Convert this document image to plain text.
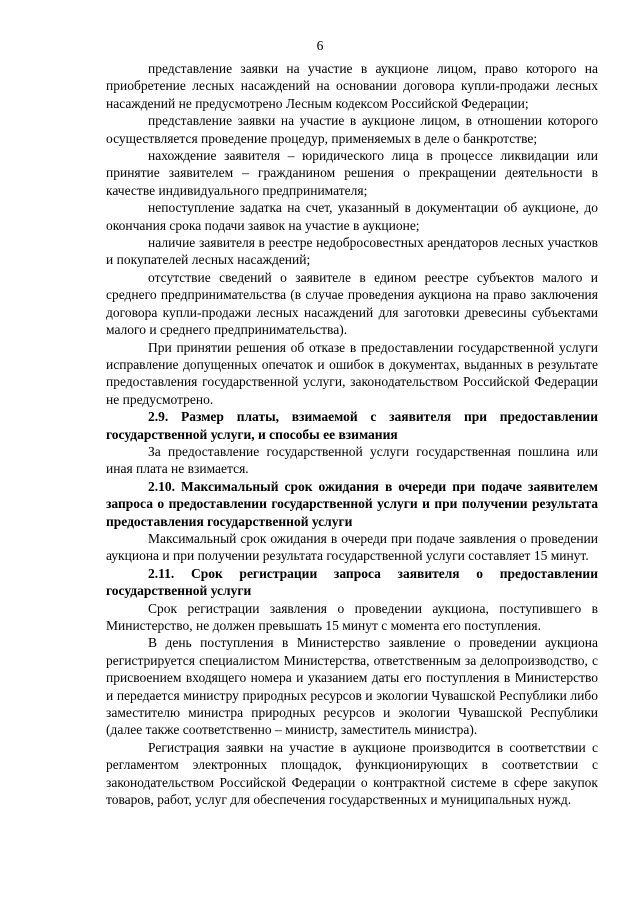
6

представление заявки на участие в аукционе лицом, право которого на приобретение лесных насаждений на основании договора купли-продажи лесных насаждений не предусмотрено Лесным кодексом Российской Федерации;

представление заявки на участие в аукционе лицом, в отношении которого осуществляется проведение процедур, применяемых в деле о банкротстве;

нахождение заявителя – юридического лица в процессе ликвидации или принятие заявителем – гражданином решения о прекращении деятельности в качестве индивидуального предпринимателя;

непоступление задатка на счет, указанный в документации об аукционе, до окончания срока подачи заявок на участие в аукционе;

наличие заявителя в реестре недобросовестных арендаторов лесных участков и покупателей лесных насаждений;

отсутствие сведений о заявителе в едином реестре субъектов малого и среднего предпринимательства (в случае проведения аукциона на право заключения договора купли-продажи лесных насаждений для заготовки древесины субъектами малого и среднего предпринимательства).

При принятии решения об отказе в предоставлении государственной услуги исправление допущенных опечаток и ошибок в документах, выданных в результате предоставления государственной услуги, законодательством Российской Федерации не предусмотрено.

2.9. Размер платы, взимаемой с заявителя при предоставлении государственной услуги, и способы ее взимания

За предоставление государственной услуги государственная пошлина или иная плата не взимается.

2.10. Максимальный срок ожидания в очереди при подаче заявителем запроса о предоставлении государственной услуги и при получении результата предоставления государственной услуги

Максимальный срок ожидания в очереди при подаче заявления о проведении аукциона и при получении результата государственной услуги составляет 15 минут.

2.11. Срок регистрации запроса заявителя о предоставлении государственной услуги

Срок регистрации заявления о проведении аукциона, поступившего в Министерство, не должен превышать 15 минут с момента его поступления.

В день поступления в Министерство заявление о проведении аукциона регистрируется специалистом Министерства, ответственным за делопроизводство, с присвоением входящего номера и указанием даты его поступления в Министерство и передается министру природных ресурсов и экологии Чувашской Республики либо заместителю министра природных ресурсов и экологии Чувашской Республики (далее также соответственно – министр, заместитель министра).

Регистрация заявки на участие в аукционе производится в соответствии с регламентом электронных площадок, функционирующих в соответствии с законодательством Российской Федерации о контрактной системе в сфере закупок товаров, работ, услуг для обеспечения государственных и муниципальных нужд.
